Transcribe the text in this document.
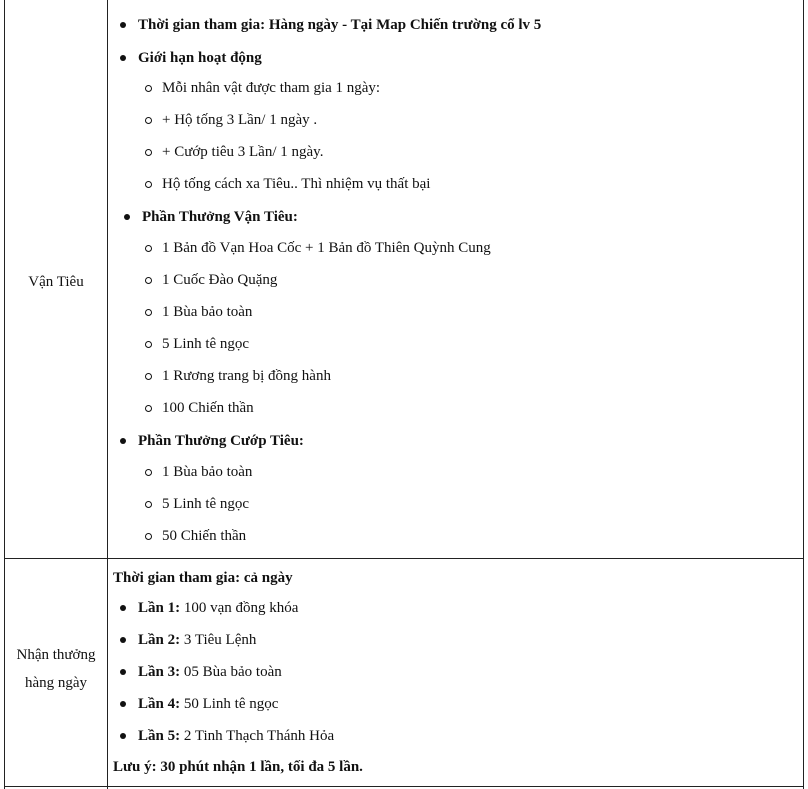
Vận Tiêu
Thời gian tham gia: Hàng ngày - Tại Map Chiến trường cổ lv 5
Giới hạn hoạt động
Mỗi nhân vật được tham gia 1 ngày:
+ Hộ tống 3 Lần/ 1 ngày .
+ Cướp tiêu 3 Lần/ 1 ngày.
Hộ tống cách xa Tiêu.. Thì nhiệm vụ thất bại
Phần Thưởng Vận Tiêu:
1 Bản đồ Vạn Hoa Cốc + 1 Bản đồ Thiên Quỳnh Cung
1 Cuốc Đào Quặng
1 Bùa bảo toàn
5 Linh tê ngọc
1 Rương trang bị đồng hành
100 Chiến thần
Phần Thưởng Cướp Tiêu:
1 Bùa bảo toàn
5 Linh tê ngọc
50 Chiến thần
Nhận thưởng
hàng ngày
Thời gian tham gia: cả ngày
Lần 1: 100 vạn đồng khóa
Lần 2: 3 Tiêu Lệnh
Lần 3: 05 Bùa bảo toàn
Lần 4: 50 Linh tê ngọc
Lần 5: 2 Tinh Thạch Thánh Hỏa
Lưu ý: 30 phút nhận 1 lần, tối đa 5 lần.
